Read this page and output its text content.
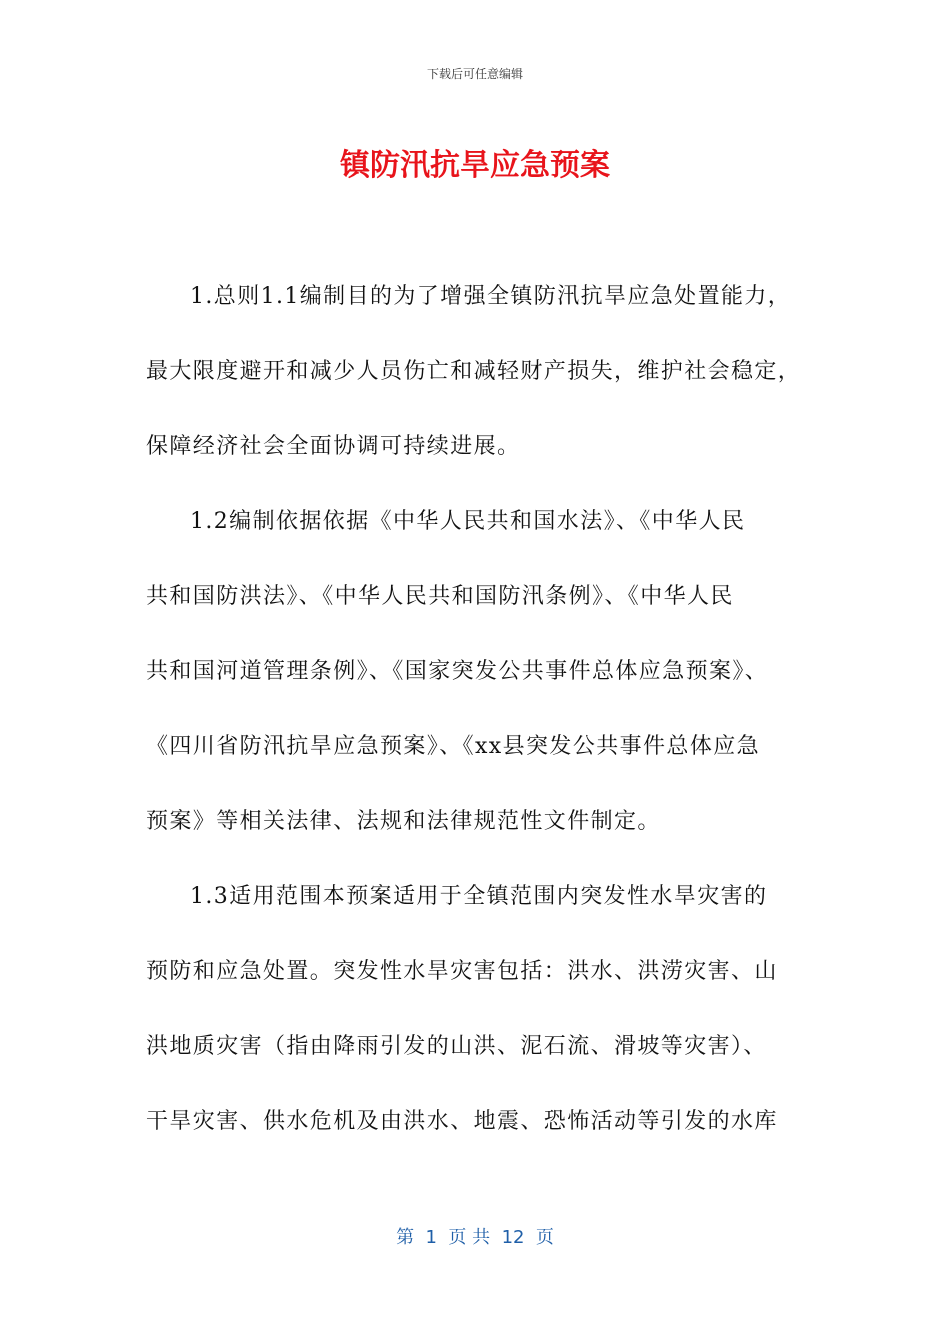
下载后可任意编辑
镇防汛抗旱应急预案

1.总则1.1编制目的为了增强全镇防汛抗旱应急处置能力，
最大限度避开和减少人员伤亡和减轻财产损失，维护社会稳定，
保障经济社会全面协调可持续进展。

1.2编制依据依据《中华人民共和国水法》、《中华人民
共和国防洪法》、《中华人民共和国防汛条例》、《中华人民
共和国河道管理条例》、《国家突发公共事件总体应急预案》、
《四川省防汛抗旱应急预案》、《xx县突发公共事件总体应急
预案》等相关法律、法规和法律规范性文件制定。

1.3适用范围本预案适用于全镇范围内突发性水旱灾害的
预防和应急处置。突发性水旱灾害包括：洪水、洪涝灾害、山
洪地质灾害（指由降雨引发的山洪、泥石流、滑坡等灾害）、
干旱灾害、供水危机及由洪水、地震、恐怖活动等引发的水库

第  1  页 共  12  页
